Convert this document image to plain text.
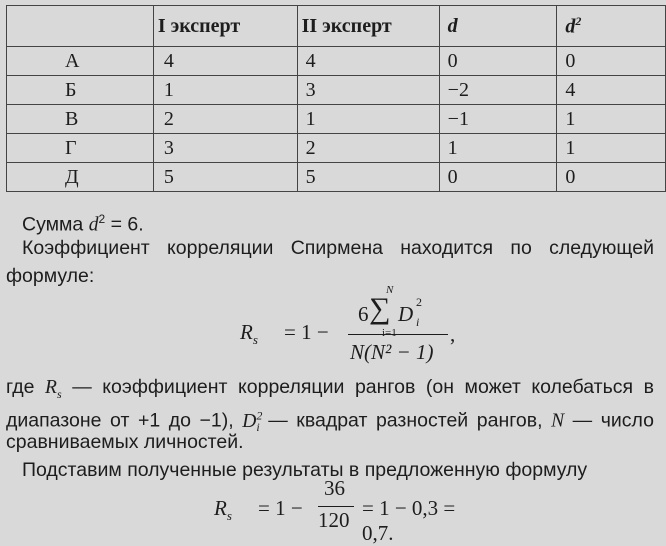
	I эксперт	II эксперт	d	$d^2$
А	4	4	0	0
Б	1	3	−2	4
В	2	1	−1	1
Г	3	2	1	1
Д	5	5	0	0
Сумма $d^2 = 6$.
Коэффициент корреляции Спирмена находится по следующей
формуле:
$R_s = 1$ −
6
N
∑
i=1
D 2
i
N(N² − 1)
,
где $R_s$ — коэффициент корреляции рангов (он может колебаться в
диапазоне от +1 до −1), $D^2_i$ — квадрат разностей рангов, N — число
сравниваемых личностей.
Подставим полученные результаты в предложенную формулу
$R_s = 1$ −
36
120 = 1 − 0,3 = 0,7.
